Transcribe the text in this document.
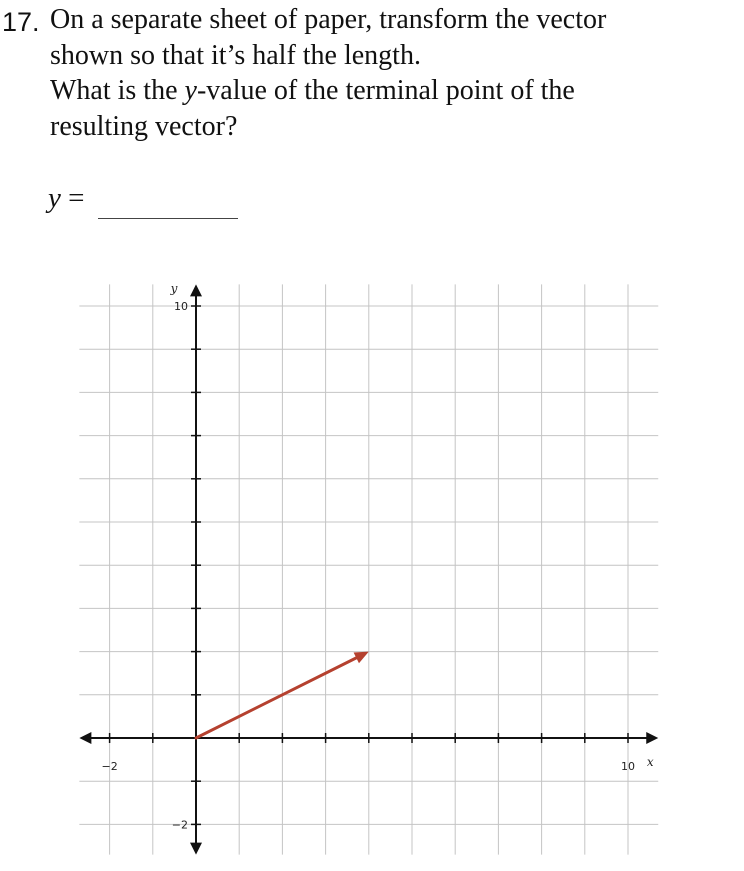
17. On a separate sheet of paper, transform the vector
shown so that it’s half the length.
What is the y-value of the terminal point of the
resulting vector?
y =
−2	10
10
−2
x
y
